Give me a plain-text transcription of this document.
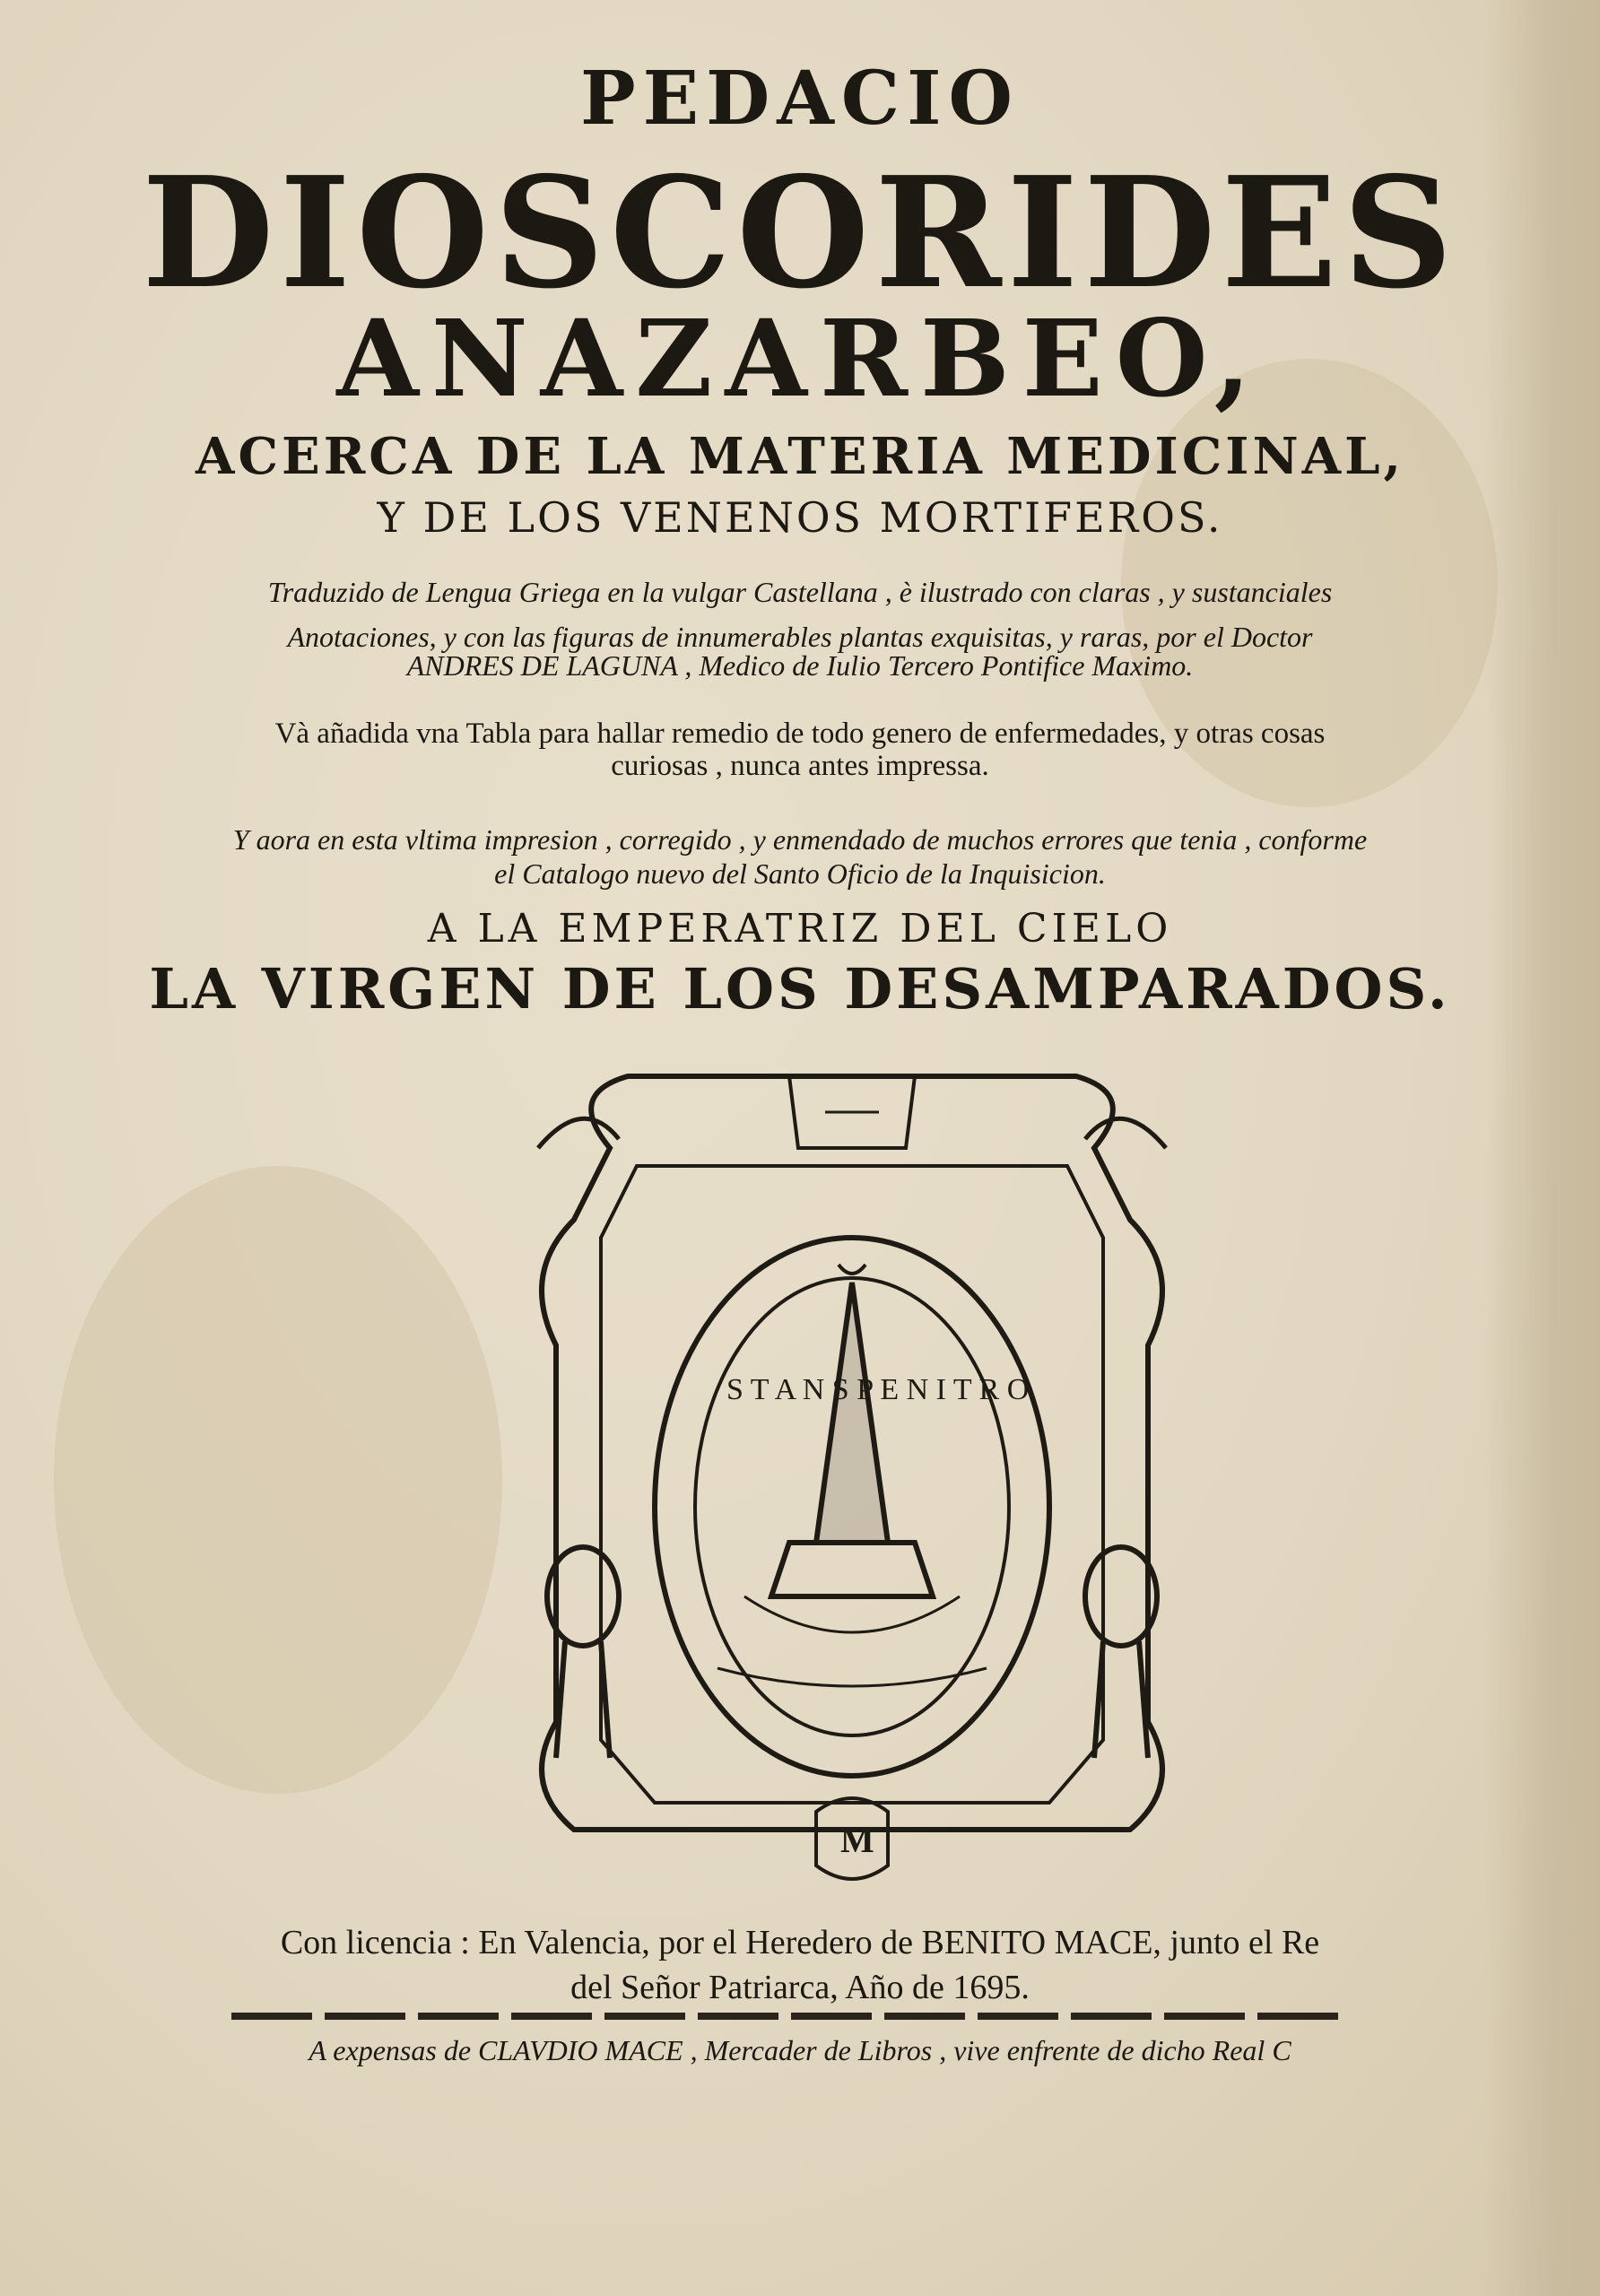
PEDACIO
DIOSCORIDES
ANAZARBEO,
ACERCA DE LA MATERIA MEDICINAL,
Y DE LOS VENENOS MORTIFEROS.
Traduzido de Lengua Griega en la vulgar Castellana , è ilustrado con claras , y sustanciales
Anotaciones, y con las figuras de innumerables plantas exquisitas, y raras, por el Doctor
ANDRES DE LAGUNA , Medico de Iulio Tercero Pontifice Maximo.
Và añadida vna Tabla para hallar remedio de todo genero de enfermedades, y otras cosas
curiosas , nunca antes impressa.
Y aora en esta vltima impresion , corregido , y enmendado de muchos errores que tenia , conforme
el Catalogo nuevo del Santo Oficio de la Inquisicion.
A LA EMPERATRIZ DEL CIELO
LA VIRGEN DE LOS DESAMPARADOS.
S T A N S P E N I T R O
M
Con licencia : En Valencia, por el Heredero de BENITO MACE, junto el Re
del Señor Patriarca, Año de 1695.
A expensas de CLAVDIO MACE , Mercader de Libros , vive enfrente de dicho Real C
